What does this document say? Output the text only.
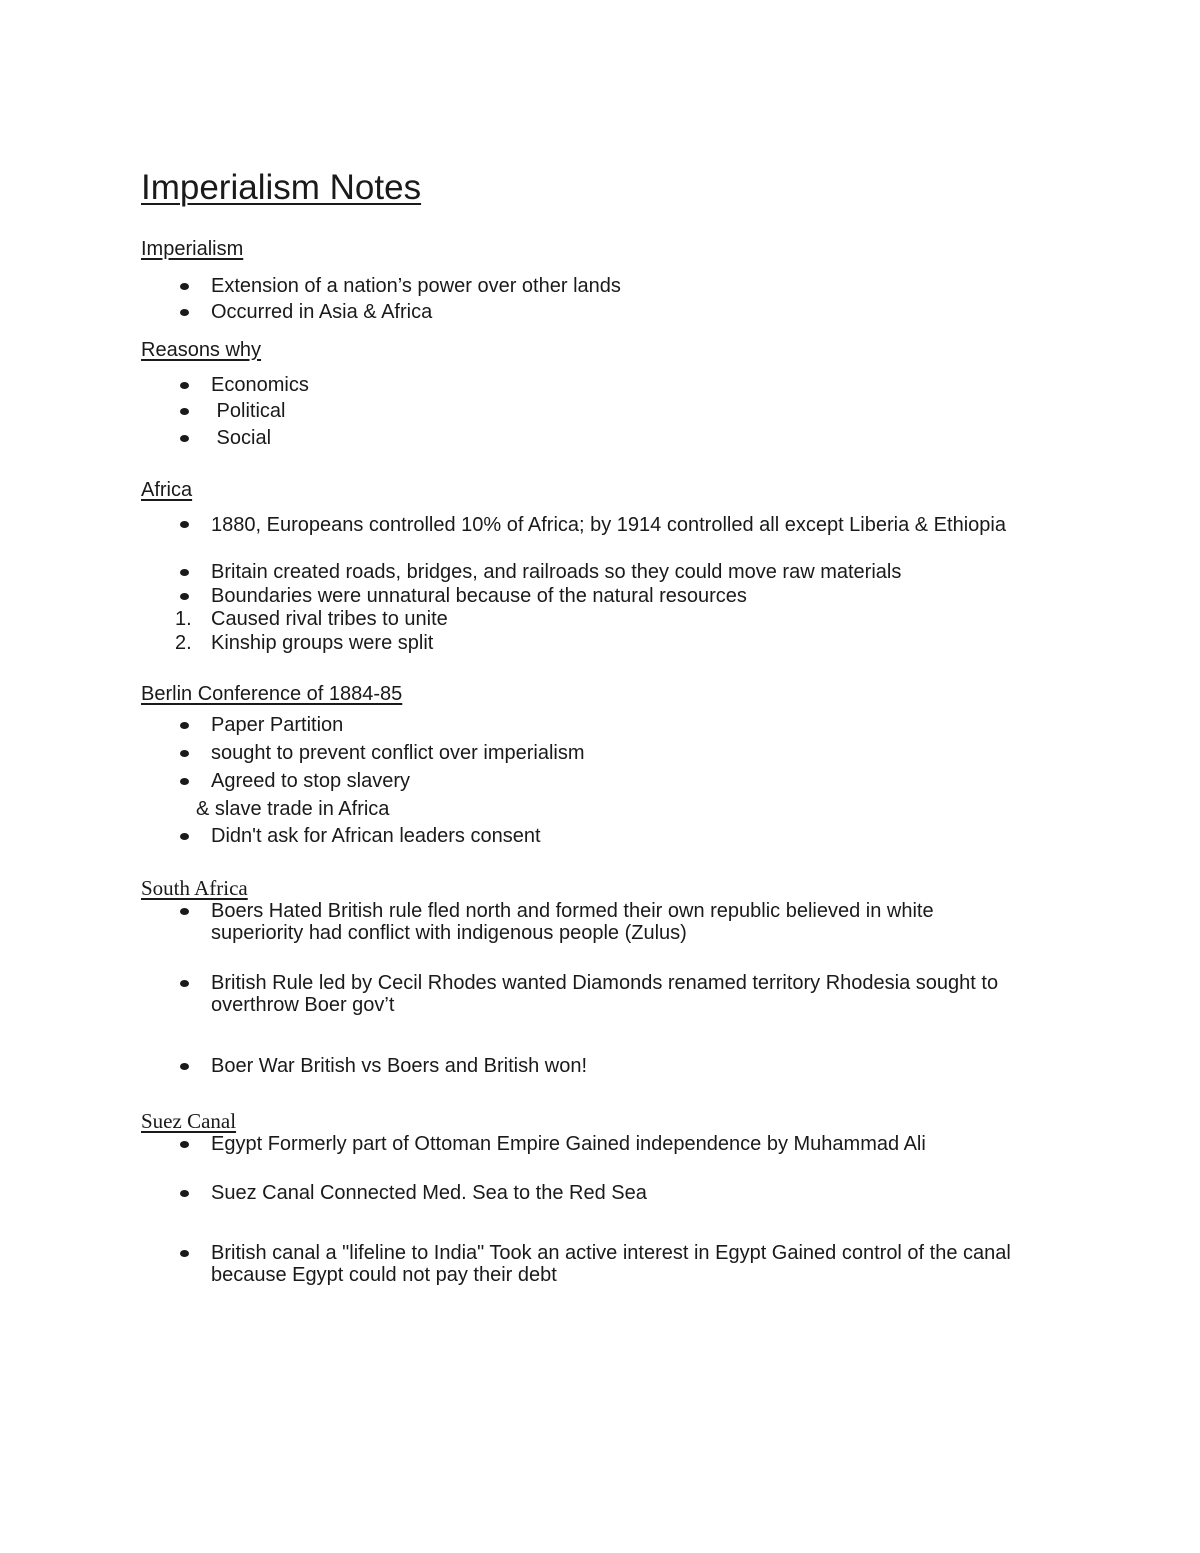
Imperialism Notes
Imperialism
Extension of a nation’s power over other lands
Occurred in Asia & Africa
Reasons why
Economics
Political
Social
Africa
1880, Europeans controlled 10% of Africa; by 1914 controlled all except Liberia & Ethiopia
Britain created roads, bridges, and railroads so they could move raw materials
Boundaries were unnatural because of the natural resources
1. Caused rival tribes to unite
2. Kinship groups were split
Berlin Conference of 1884-85
Paper Partition
sought to prevent conflict over imperialism
Agreed to stop slavery
& slave trade in Africa
Didn't ask for African leaders consent
South Africa
Boers Hated British rule fled north and formed their own republic believed in white superiority had conflict with indigenous people (Zulus)
British Rule led by Cecil Rhodes wanted Diamonds renamed territory Rhodesia sought to overthrow Boer gov’t
Boer War British vs Boers and British won!
Suez Canal
Egypt Formerly part of Ottoman Empire Gained independence by Muhammad Ali
Suez Canal Connected Med. Sea to the Red Sea
British canal a "lifeline to India" Took an active interest in Egypt Gained control of the canal because Egypt could not pay their debt
